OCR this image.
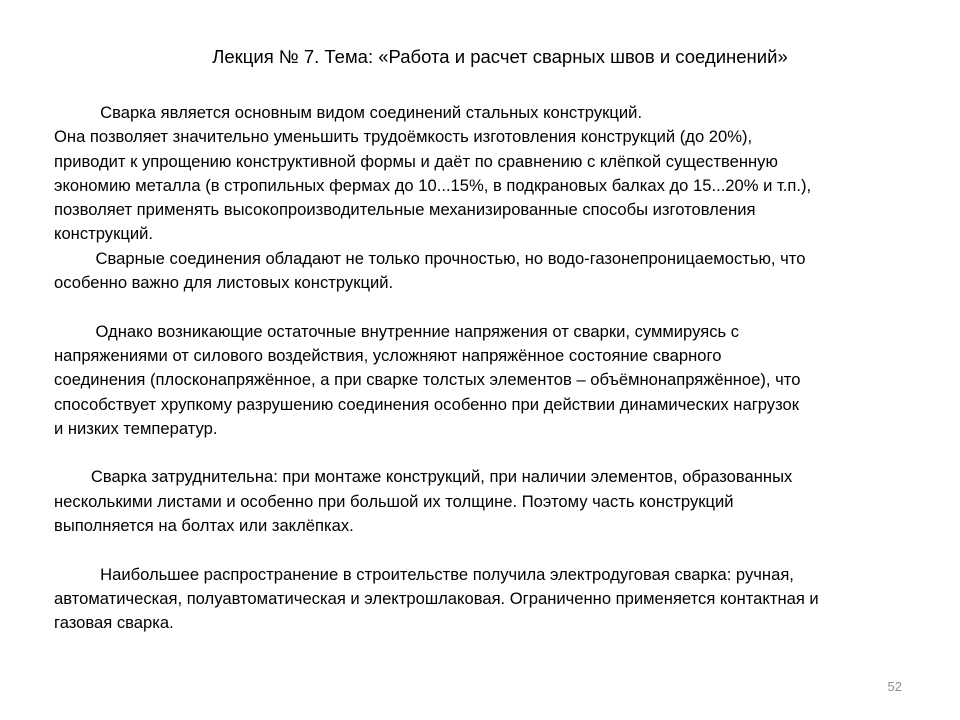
Лекция № 7. Тема: «Работа и расчет сварных швов и соединений»

Сварка является основным видом соединений стальных конструкций.

Она позволяет значительно уменьшить трудоёмкость изготовления конструкций (до 20%),

приводит к упрощению конструктивной формы и даёт по сравнению с клёпкой существенную

экономию металла (в стропильных фермах до 10...15%, в подкрановых балках до 15...20% и т.п.),

позволяет применять высокопроизводительные механизированные способы изготовления

конструкций.

Сварные соединения обладают не только прочностью, но водо-газонепроницаемостью, что

особенно важно для листовых конструкций.

Однако возникающие остаточные внутренние напряжения от сварки, суммируясь с

напряжениями от силового воздействия, усложняют напряжённое состояние сварного

соединения (плосконапряжённое, а при сварке толстых элементов – объёмнонапряжённое), что

способствует хрупкому разрушению соединения особенно при действии динамических нагрузок

и низких температур.

Сварка затруднительна: при монтаже конструкций, при наличии элементов, образованных

несколькими листами и особенно при большой их толщине. Поэтому часть конструкций

выполняется на болтах или заклёпках.

Наибольшее распространение в строительстве получила электродуговая сварка: ручная,

автоматическая, полуавтоматическая и электрошлаковая. Ограниченно применяется контактная и

газовая сварка.

52
